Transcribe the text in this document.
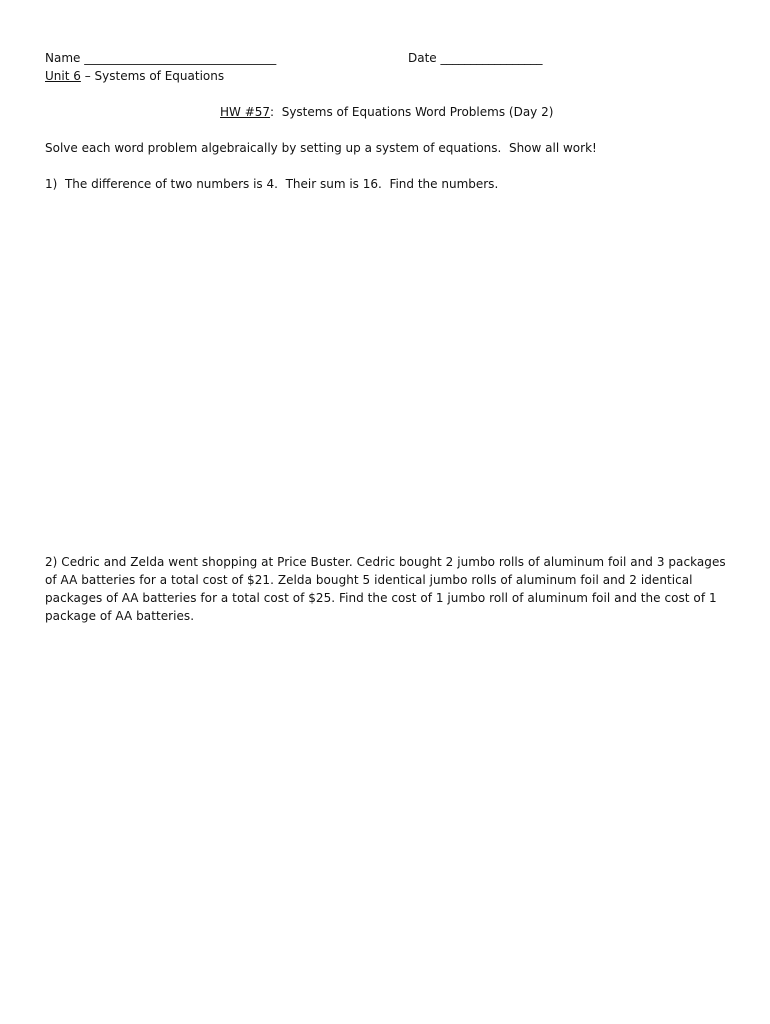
Name ________________________________	Date _________________
Unit 6 – Systems of Equations
HW #57:  Systems of Equations Word Problems (Day 2)
Solve each word problem algebraically by setting up a system of equations.  Show all work!
1)  The difference of two numbers is 4.  Their sum is 16.  Find the numbers.
2) Cedric and Zelda went shopping at Price Buster. Cedric bought 2 jumbo rolls of aluminum foil and 3 packages of AA batteries for a total cost of $21. Zelda bought 5 identical jumbo rolls of aluminum foil and 2 identical packages of AA batteries for a total cost of $25. Find the cost of 1 jumbo roll of aluminum foil and the cost of 1 package of AA batteries.
